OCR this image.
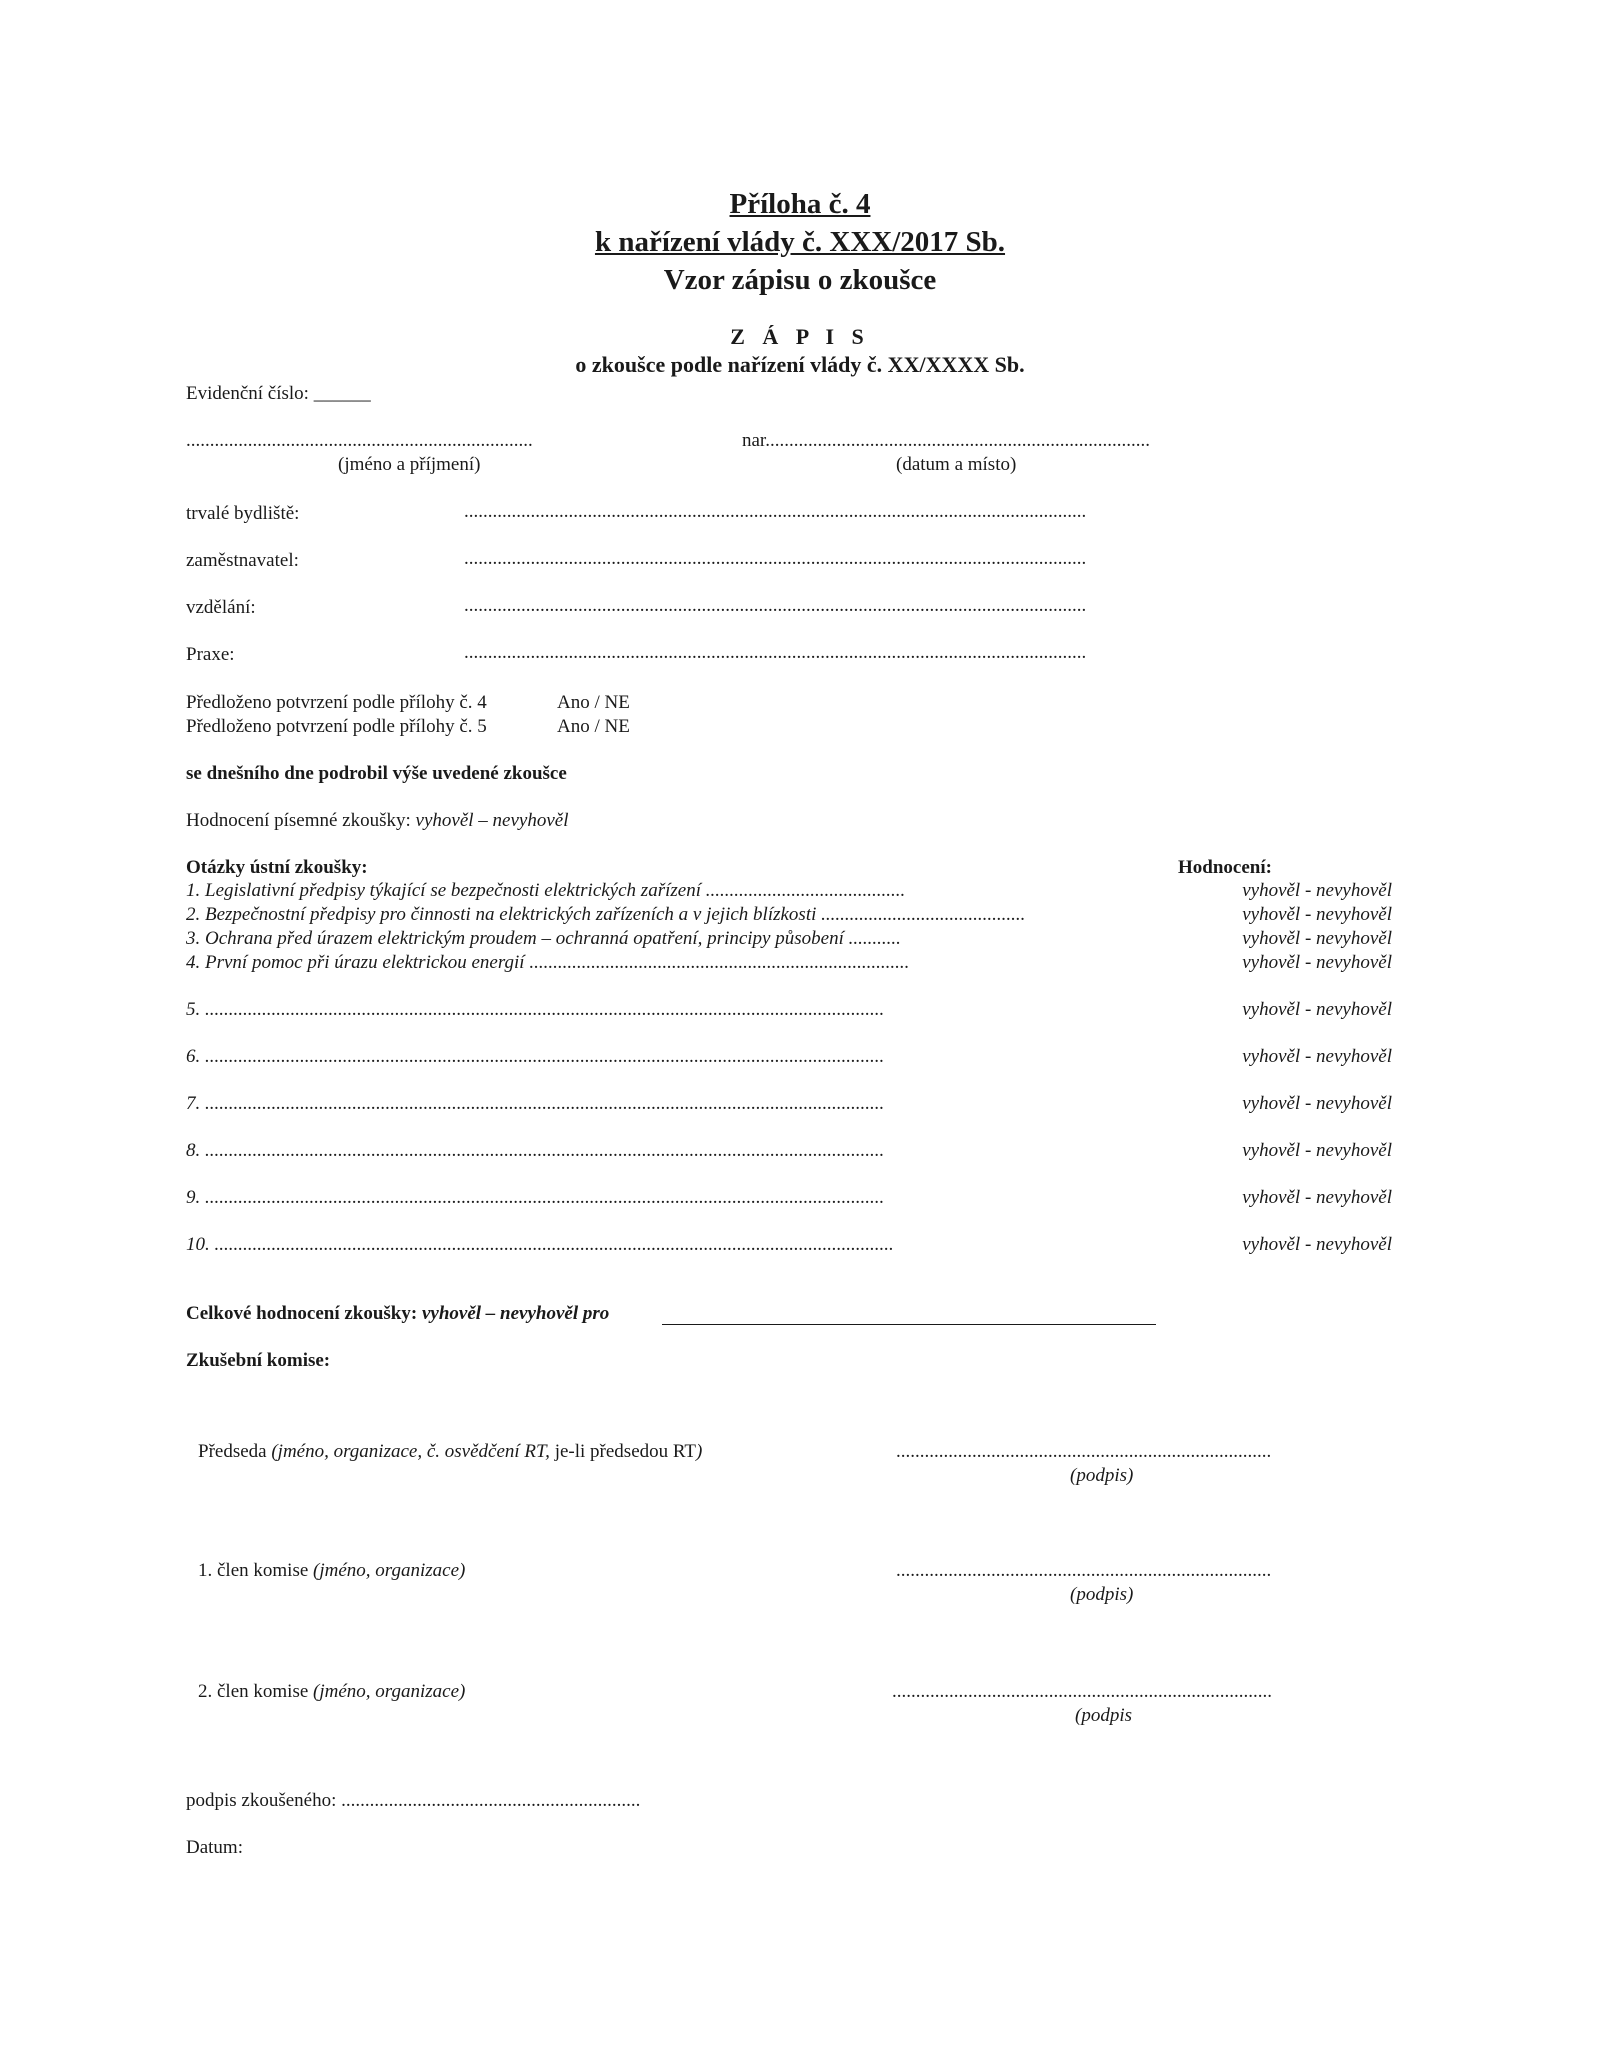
Příloha č. 4
k nařízení vlády č. XXX/2017 Sb.
Vzor zápisu o zkoušce
Z Á P I S
o zkoušce podle nařízení vlády č. XX/XXXX Sb.
Evidenční číslo: ______
.........................................................................
(jméno a příjmení)
nar.................................................................................
(datum a místo)
trvalé bydliště:	...................................................................................................................................
zaměstnavatel:	...................................................................................................................................
vzdělání:	...................................................................................................................................
Praxe:	...................................................................................................................................
Předloženo potvrzení podle přílohy č. 4	Ano / NE
Předloženo potvrzení podle přílohy č. 5	Ano / NE
se dnešního dne podrobil výše uvedené zkoušce
Hodnocení písemné zkoušky: vyhověl – nevyhověl
Otázky ústní zkoušky:	Hodnocení:
1. Legislativní předpisy týkající se bezpečnosti elektrických zařízení ..........................................	vyhověl - nevyhověl
2. Bezpečnostní předpisy pro činnosti na elektrických zařízeních a v jejich blízkosti ...........................................	vyhověl - nevyhověl
3. Ochrana před úrazem elektrickým proudem – ochranná opatření, principy působení ...........	vyhověl - nevyhověl
4. První pomoc při úrazu elektrickou energií ................................................................................	vyhověl - nevyhověl
5. ...............................................................................................................................................	vyhověl - nevyhověl
6. ...............................................................................................................................................	vyhověl - nevyhověl
7. ...............................................................................................................................................	vyhověl - nevyhověl
8. ...............................................................................................................................................	vyhověl - nevyhověl
9. ...............................................................................................................................................	vyhověl - nevyhověl
10. ...............................................................................................................................................	vyhověl - nevyhověl
Celkové hodnocení zkoušky: vyhověl – nevyhověl pro
Zkušební komise:
Předseda (jméno, organizace, č. osvědčení RT, je-li předsedou RT)	...............................................................................
(podpis)
1. člen komise (jméno, organizace)	...............................................................................
(podpis)
2. člen komise (jméno, organizace)	................................................................................
(podpis
podpis zkoušeného: ...............................................................
Datum:
